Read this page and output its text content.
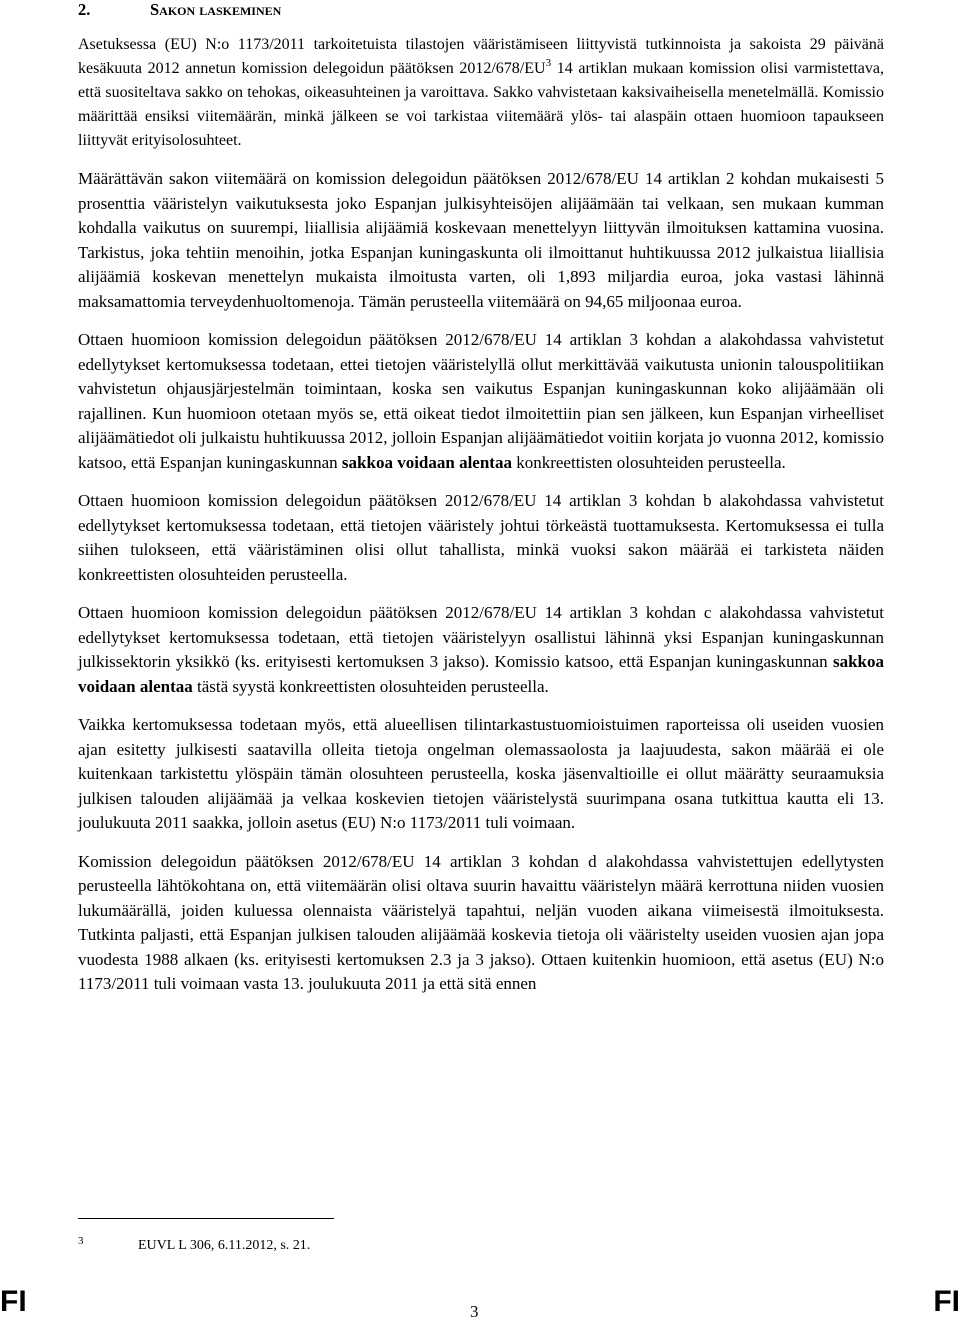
2.	Sakon laskeminen

Asetuksessa (EU) N:o 1173/2011 tarkoitetuista tilastojen vääristämiseen liittyvistä tutkinnoista ja sakoista 29 päivänä kesäkuuta 2012 annetun komission delegoidun päätöksen $2012/678/EU^3$ 14 artiklan mukaan komission olisi varmistettava, että suositeltava sakko on tehokas, oikeasuhteinen ja varoittava. Sakko vahvistetaan kaksivaiheisella menetelmällä. Komissio määrittää ensiksi viitemäärän, minkä jälkeen se voi tarkistaa viitemäärä ylös- tai alaspäin ottaen huomioon tapaukseen liittyvät erityisolosuhteet.

Määrättävän sakon viitemäärä on komission delegoidun päätöksen 2012/678/EU 14 artiklan 2 kohdan mukaisesti 5 prosenttia vääristelyn vaikutuksesta joko Espanjan julkisyhteisöjen alijäämään tai velkaan, sen mukaan kumman kohdalla vaikutus on suurempi, liiallisia alijäämiä koskevaan menettelyyn liittyvän ilmoituksen kattamina vuosina. Tarkistus, joka tehtiin menoihin, jotka Espanjan kuningaskunta oli ilmoittanut huhtikuussa 2012 julkaistua liiallisia alijäämiä koskevan menettelyn mukaista ilmoitusta varten, oli 1,893 miljardia euroa, joka vastasi lähinnä maksamattomia terveydenhuoltomenoja. Tämän perusteella viitemäärä on 94,65 miljoonaa euroa.

Ottaen huomioon komission delegoidun päätöksen 2012/678/EU 14 artiklan 3 kohdan a alakohdassa vahvistetut edellytykset kertomuksessa todetaan, ettei tietojen vääristelyllä ollut merkittävää vaikutusta unionin talouspolitiikan vahvistetun ohjausjärjestelmän toimintaan, koska sen vaikutus Espanjan kuningaskunnan koko alijäämään oli rajallinen. Kun huomioon otetaan myös se, että oikeat tiedot ilmoitettiin pian sen jälkeen, kun Espanjan virheelliset alijäämätiedot oli julkaistu huhtikuussa 2012, jolloin Espanjan alijäämätiedot voitiin korjata jo vuonna 2012, komissio katsoo, että Espanjan kuningaskunnan sakkoa voidaan alentaa konkreettisten olosuhteiden perusteella.

Ottaen huomioon komission delegoidun päätöksen 2012/678/EU 14 artiklan 3 kohdan b alakohdassa vahvistetut edellytykset kertomuksessa todetaan, että tietojen vääristely johtui törkeästä tuottamuksesta. Kertomuksessa ei tulla siihen tulokseen, että vääristäminen olisi ollut tahallista, minkä vuoksi sakon määrää ei tarkisteta näiden konkreettisten olosuhteiden perusteella.

Ottaen huomioon komission delegoidun päätöksen 2012/678/EU 14 artiklan 3 kohdan c alakohdassa vahvistetut edellytykset kertomuksessa todetaan, että tietojen vääristelyyn osallistui lähinnä yksi Espanjan kuningaskunnan julkissektorin yksikkö (ks. erityisesti kertomuksen 3 jakso). Komissio katsoo, että Espanjan kuningaskunnan sakkoa voidaan alentaa tästä syystä konkreettisten olosuhteiden perusteella.

Vaikka kertomuksessa todetaan myös, että alueellisen tilintarkastustuomioistuimen raporteissa oli useiden vuosien ajan esitetty julkisesti saatavilla olleita tietoja ongelman olemassaolosta ja laajuudesta, sakon määrää ei ole kuitenkaan tarkistettu ylöspäin tämän olosuhteen perusteella, koska jäsenvaltioille ei ollut määrätty seuraamuksia julkisen talouden alijäämää ja velkaa koskevien tietojen vääristelystä suurimpana osana tutkittua kautta eli 13. joulukuuta 2011 saakka, jolloin asetus (EU) N:o 1173/2011 tuli voimaan.

Komission delegoidun päätöksen 2012/678/EU 14 artiklan 3 kohdan d alakohdassa vahvistettujen edellytysten perusteella lähtökohtana on, että viitemäärän olisi oltava suurin havaittu vääristelyn määrä kerrottuna niiden vuosien lukumäärällä, joiden kuluessa olennaista vääristelyä tapahtui, neljän vuoden aikana viimeisestä ilmoituksesta. Tutkinta paljasti, että Espanjan julkisen talouden alijäämää koskevia tietoja oli vääristelty useiden vuosien ajan jopa vuodesta 1988 alkaen (ks. erityisesti kertomuksen 2.3 ja 3 jakso). Ottaen kuitenkin huomioon, että asetus (EU) N:o 1173/2011 tuli voimaan vasta 13. joulukuuta 2011 ja että sitä ennen

3	EUVL L 306, 6.11.2012, s. 21.
FI	3	FI
